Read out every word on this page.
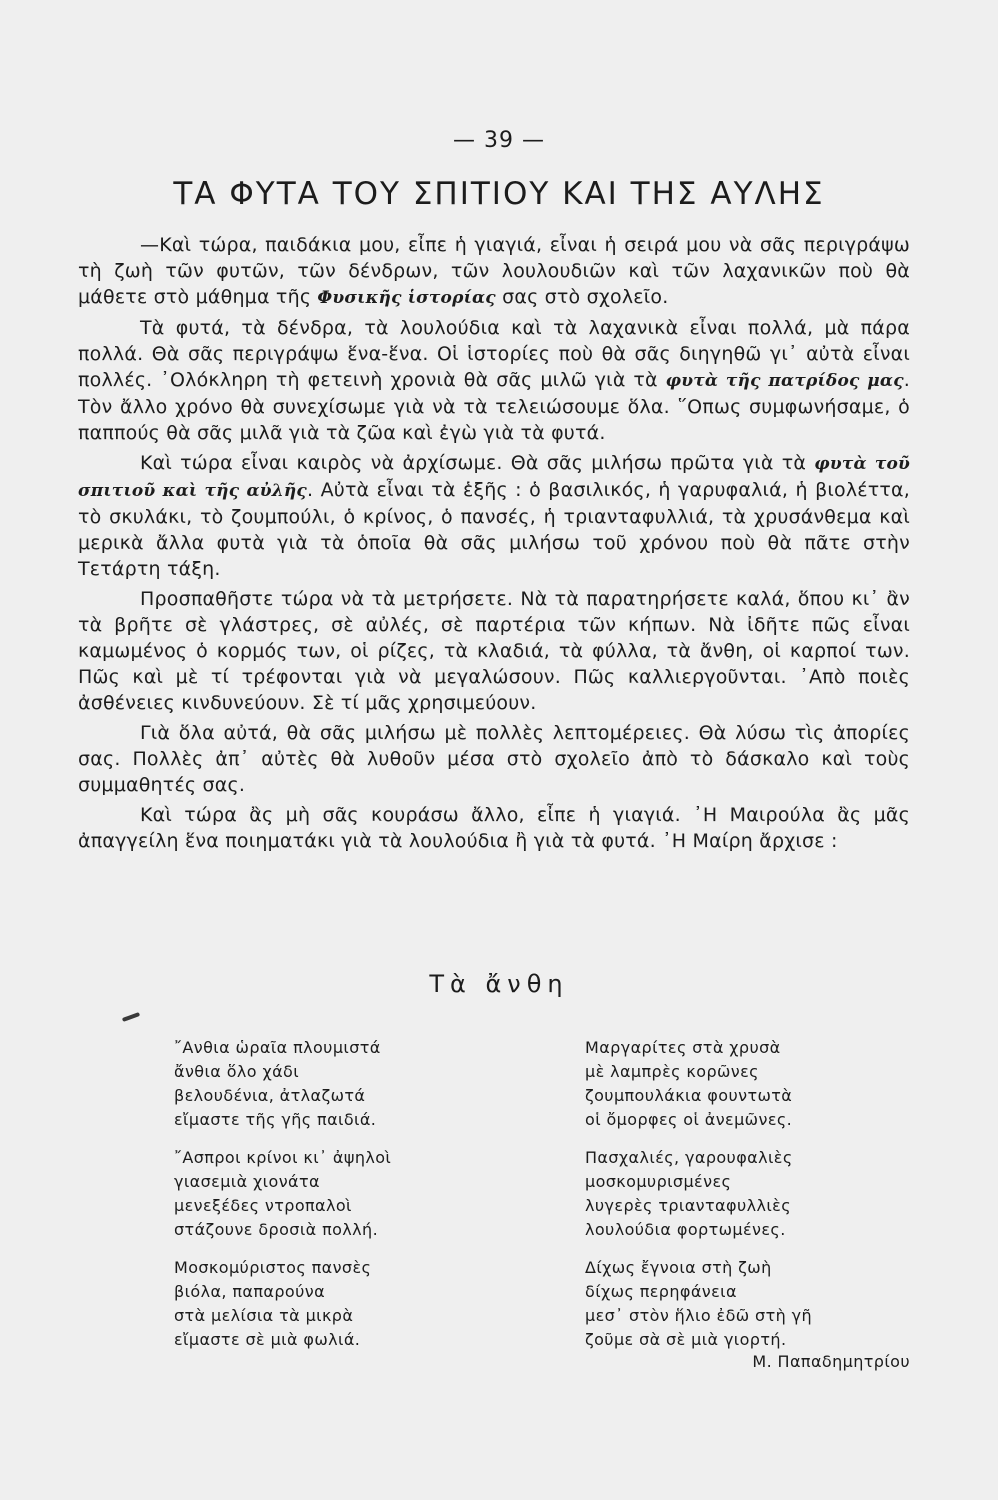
— 39 —
ΤΑ ΦΥΤΑ ΤΟΥ ΣΠΙΤΙΟΥ ΚΑΙ ΤΗΣ ΑΥΛΗΣ

—Καὶ τώρα, παιδάκια μου, εἶπε ἡ γιαγιά, εἶναι ἡ σειρά μου νὰ σᾶς περιγράψω τὴ ζωὴ τῶν φυτῶν, τῶν δένδρων, τῶν λουλουδιῶν καὶ τῶν λαχανικῶν ποὺ θὰ μάθετε στὸ μάθημα τῆς Φυσικῆς ἱστορίας σας στὸ σχολεῖο.

Τὰ φυτά, τὰ δένδρα, τὰ λουλούδια καὶ τὰ λαχανικὰ εἶναι πολλά, μὰ πάρα πολλά. Θὰ σᾶς περιγράψω ἕνα-ἕνα. Οἱ ἱστορίες ποὺ θὰ σᾶς διηγηθῶ γι᾿ αὐτὰ εἶναι πολλές. ᾿Ολόκληρη τὴ φετεινὴ χρονιὰ θὰ σᾶς μιλῶ γιὰ τὰ φυτὰ τῆς πατρίδος μας. Τὸν ἄλλο χρόνο θὰ συνεχίσωμε γιὰ νὰ τὰ τελειώσουμε ὅλα. ῞Οπως συμφωνήσαμε, ὁ παππούς θὰ σᾶς μιλᾶ γιὰ τὰ ζῶα καὶ ἐγὼ γιὰ τὰ φυτά.

Καὶ τώρα εἶναι καιρὸς νὰ ἀρχίσωμε. Θὰ σᾶς μιλήσω πρῶτα γιὰ τὰ φυτὰ τοῦ σπιτιοῦ καὶ τῆς αὐλῆς. Αὐτὰ εἶναι τὰ ἑξῆς : ὁ βασιλικός, ἡ γαρυφαλιά, ἡ βιολέττα, τὸ σκυλάκι, τὸ ζουμπούλι, ὁ κρίνος, ὁ πανσές, ἡ τριανταφυλλιά, τὰ χρυσάνθεμα καὶ μερικὰ ἄλλα φυτὰ γιὰ τὰ ὁποῖα θὰ σᾶς μιλήσω τοῦ χρόνου ποὺ θὰ πᾶτε στὴν Τετάρτη τάξη.

Προσπαθῆστε τώρα νὰ τὰ μετρήσετε. Νὰ τὰ παρατηρήσετε καλά, ὅπου κι᾿ ἂν τὰ βρῆτε σὲ γλάστρες, σὲ αὐλές, σὲ παρτέρια τῶν κήπων. Νὰ ἰδῆτε πῶς εἶναι καμωμένος ὁ κορμός των, οἱ ρίζες, τὰ κλαδιά, τὰ φύλλα, τὰ ἄνθη, οἱ καρποί των. Πῶς καὶ μὲ τί τρέφονται γιὰ νὰ μεγαλώσουν. Πῶς καλλιεργοῦνται. ᾿Απὸ ποιὲς ἀσθένειες κινδυνεύουν. Σὲ τί μᾶς χρησιμεύουν.

Γιὰ ὅλα αὐτά, θὰ σᾶς μιλήσω μὲ πολλὲς λεπτομέρειες. Θὰ λύσω τὶς ἀπορίες σας. Πολλὲς ἀπ᾿ αὐτὲς θὰ λυθοῦν μέσα στὸ σχολεῖο ἀπὸ τὸ δάσκαλο καὶ τοὺς συμμαθητές σας.

Καὶ τώρα ἂς μὴ σᾶς κουράσω ἄλλο, εἶπε ἡ γιαγιά. ᾿Η Μαιρούλα ἂς μᾶς ἀπαγγείλη ἕνα ποιηματάκι γιὰ τὰ λουλούδια ἢ γιὰ τὰ φυτά. ᾿Η Μαίρη ἄρχισε :

Τὰ ἄνθη
῎Ανθια ὡραῖα πλουμιστά
ἄνθια ὅλο χάδι
βελουδένια, ἀτλαζωτά
εἴμαστε τῆς γῆς παιδιά.
῎Ασπροι κρίνοι κι᾿ ἀψηλοὶ
γιασεμιὰ χιονάτα
μενεξέδες ντροπαλοὶ
στάζουνε δροσιὰ πολλή.
Μοσκομύριστος πανσὲς
βιόλα, παπαρούνα
στὰ μελίσια τὰ μικρὰ
εἴμαστε σὲ μιὰ φωλιά.
Μαργαρίτες στὰ χρυσὰ
μὲ λαμπρὲς κορῶνες
ζουμπουλάκια φουντωτὰ
οἱ ὄμορφες οἱ ἀνεμῶνες.
Πασχαλιές, γαρουφαλιὲς
μοσκομυρισμένες
λυγερὲς τριανταφυλλιὲς
λουλούδια φορτωμένες.
Δίχως ἔγνοια στὴ ζωὴ
δίχως περηφάνεια
μεσ᾿ στὸν ἥλιο ἐδῶ στὴ γῆ
ζοῦμε σὰ σὲ μιὰ γιορτή.
Μ. Παπαδημητρίου
